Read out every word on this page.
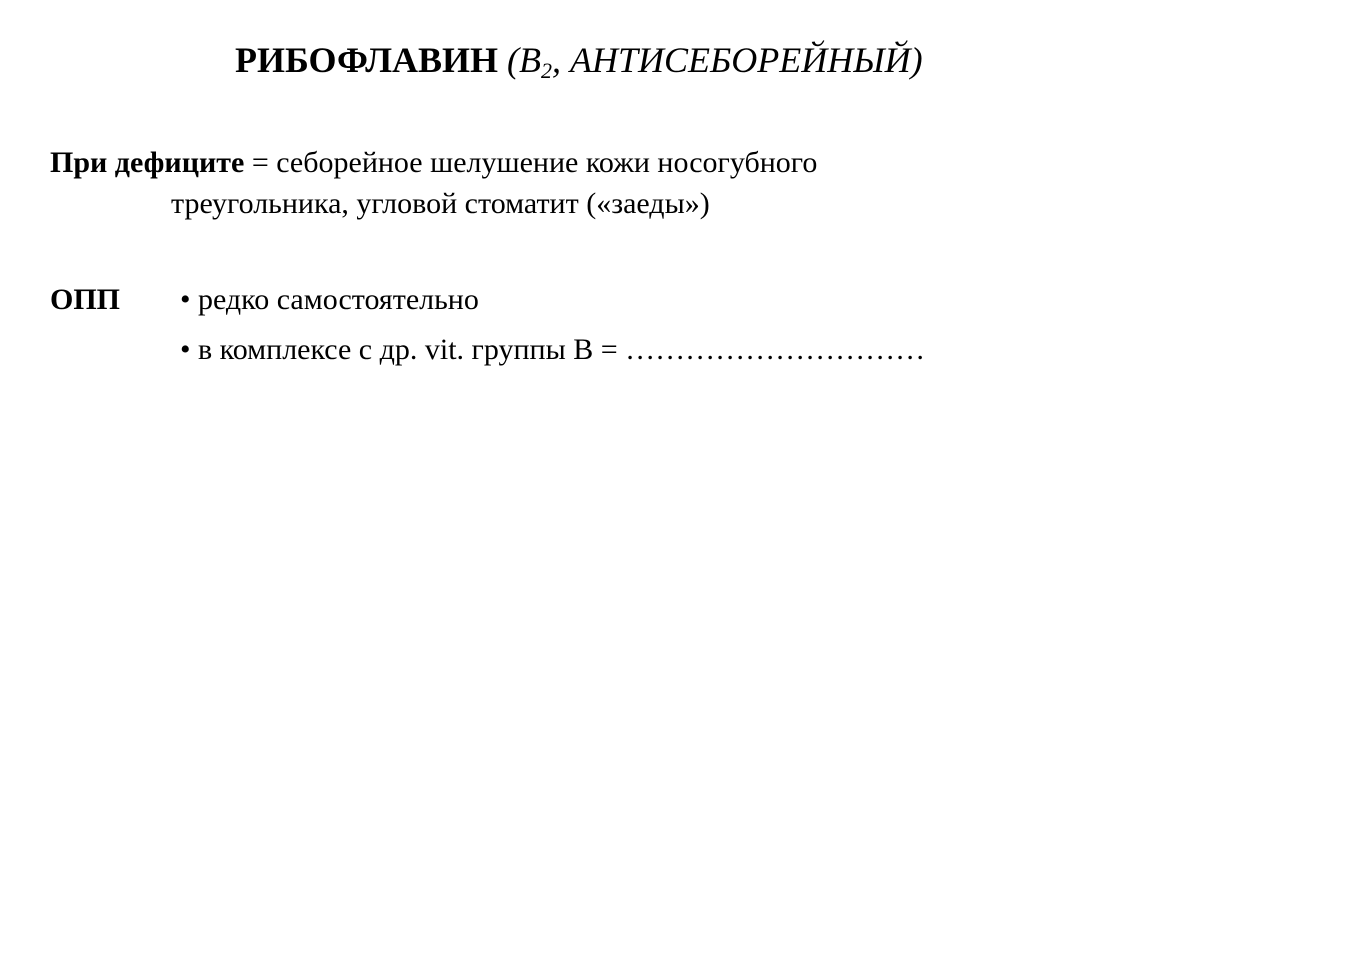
РИБОФЛАВИН ($B_2$, АНТИСЕБОРЕЙНЫЙ)
При дефиците = себорейное шелушение кожи носогубного
треугольника, угловой стоматит («заеды»)
ОПП • редко самостоятельно
• в комплексе с др. vit. группы В = …………………………
